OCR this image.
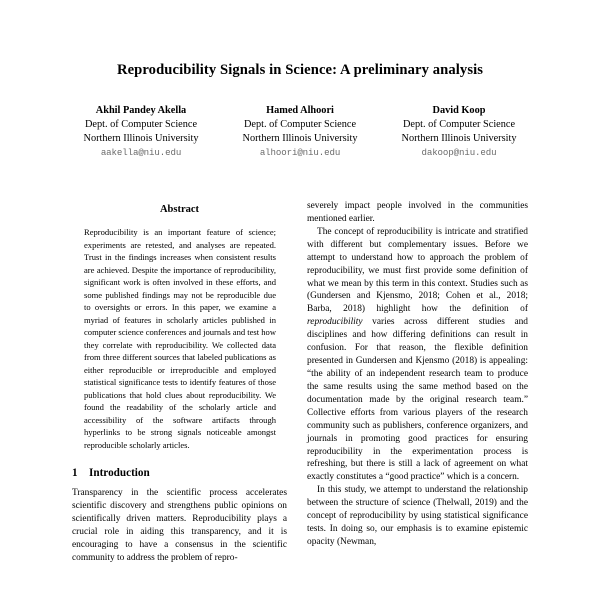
Reproducibility Signals in Science: A preliminary analysis
Akhil Pandey Akella
Dept. of Computer Science
Northern Illinois University
aakella@niu.edu
Hamed Alhoori
Dept. of Computer Science
Northern Illinois University
alhoori@niu.edu
David Koop
Dept. of Computer Science
Northern Illinois University
dakoop@niu.edu
Abstract

Reproducibility is an important feature of science; experiments are retested, and analyses are repeated. Trust in the findings increases when consistent results are achieved. Despite the importance of reproducibility, significant work is often involved in these efforts, and some published findings may not be reproducible due to oversights or errors. In this paper, we examine a myriad of features in scholarly articles published in computer science conferences and journals and test how they correlate with reproducibility. We collected data from three different sources that labeled publications as either reproducible or irreproducible and employed statistical significance tests to identify features of those publications that hold clues about reproducibility. We found the readability of the scholarly article and accessibility of the software artifacts through hyperlinks to be strong signals noticeable amongst reproducible scholarly articles.

1	Introduction

Transparency in the scientific process accelerates scientific discovery and strengthens public opinions on scientifically driven matters. Reproducibility plays a crucial role in aiding this transparency, and it is encouraging to have a consensus in the scientific community to address the problem of repro-

severely impact people involved in the communities mentioned earlier.

The concept of reproducibility is intricate and stratified with different but complementary issues. Before we attempt to understand how to approach the problem of reproducibility, we must first provide some definition of what we mean by this term in this context. Studies such as (Gundersen and Kjensmo, 2018; Cohen et al., 2018; Barba, 2018) highlight how the definition of reproducibility varies across different studies and disciplines and how differing definitions can result in confusion. For that reason, the flexible definition presented in Gundersen and Kjensmo (2018) is appealing: “the ability of an independent research team to produce the same results using the same method based on the documentation made by the original research team.” Collective efforts from various players of the research community such as publishers, conference organizers, and journals in promoting good practices for ensuring reproducibility in the experimentation process is refreshing, but there is still a lack of agreement on what exactly constitutes a “good practice” which is a concern.

In this study, we attempt to understand the relationship between the structure of science (Thelwall, 2019) and the concept of reproducibility by using statistical significance tests. In doing so, our emphasis is to examine epistemic opacity (Newman,
